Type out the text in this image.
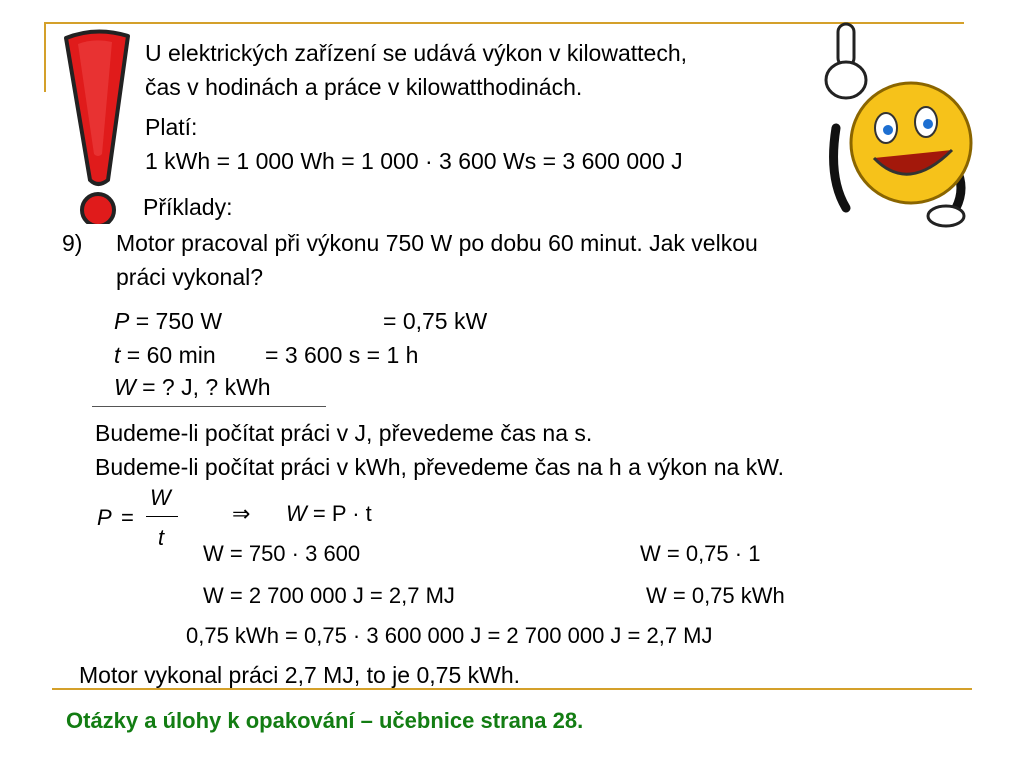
U elektrických zařízení se udává výkon v kilowattech,
čas v hodinách a práce v kilowatthodinách.
Platí:
1 kWh = 1 000 Wh = 1 000 · 3 600 Ws = 3 600 000 J
Příklady:
9) Motor pracoval při výkonu 750 W po dobu 60 minut. Jak velkou
práci vykonal?
P = 750 W	= 0,75 kW
t = 60 min = 3 600 s = 1 h
W = ? J, ? kWh
Budeme-li počítat práci v J, převedeme čas na s.
Budeme-li počítat práci v kWh, převedeme čas na h a výkon na kW.
P =
W
t
⇒ W = P · t
W = 750 · 3 600
W = 2 700 000 J = 2,7 MJ
W = 0,75 · 1
W = 0,75 kWh
0,75 kWh = 0,75 · 3 600 000 J = 2 700 000 J = 2,7 MJ
Motor vykonal práci 2,7 MJ, to je 0,75 kWh.
Otázky a úlohy k opakování – učebnice strana 28.
